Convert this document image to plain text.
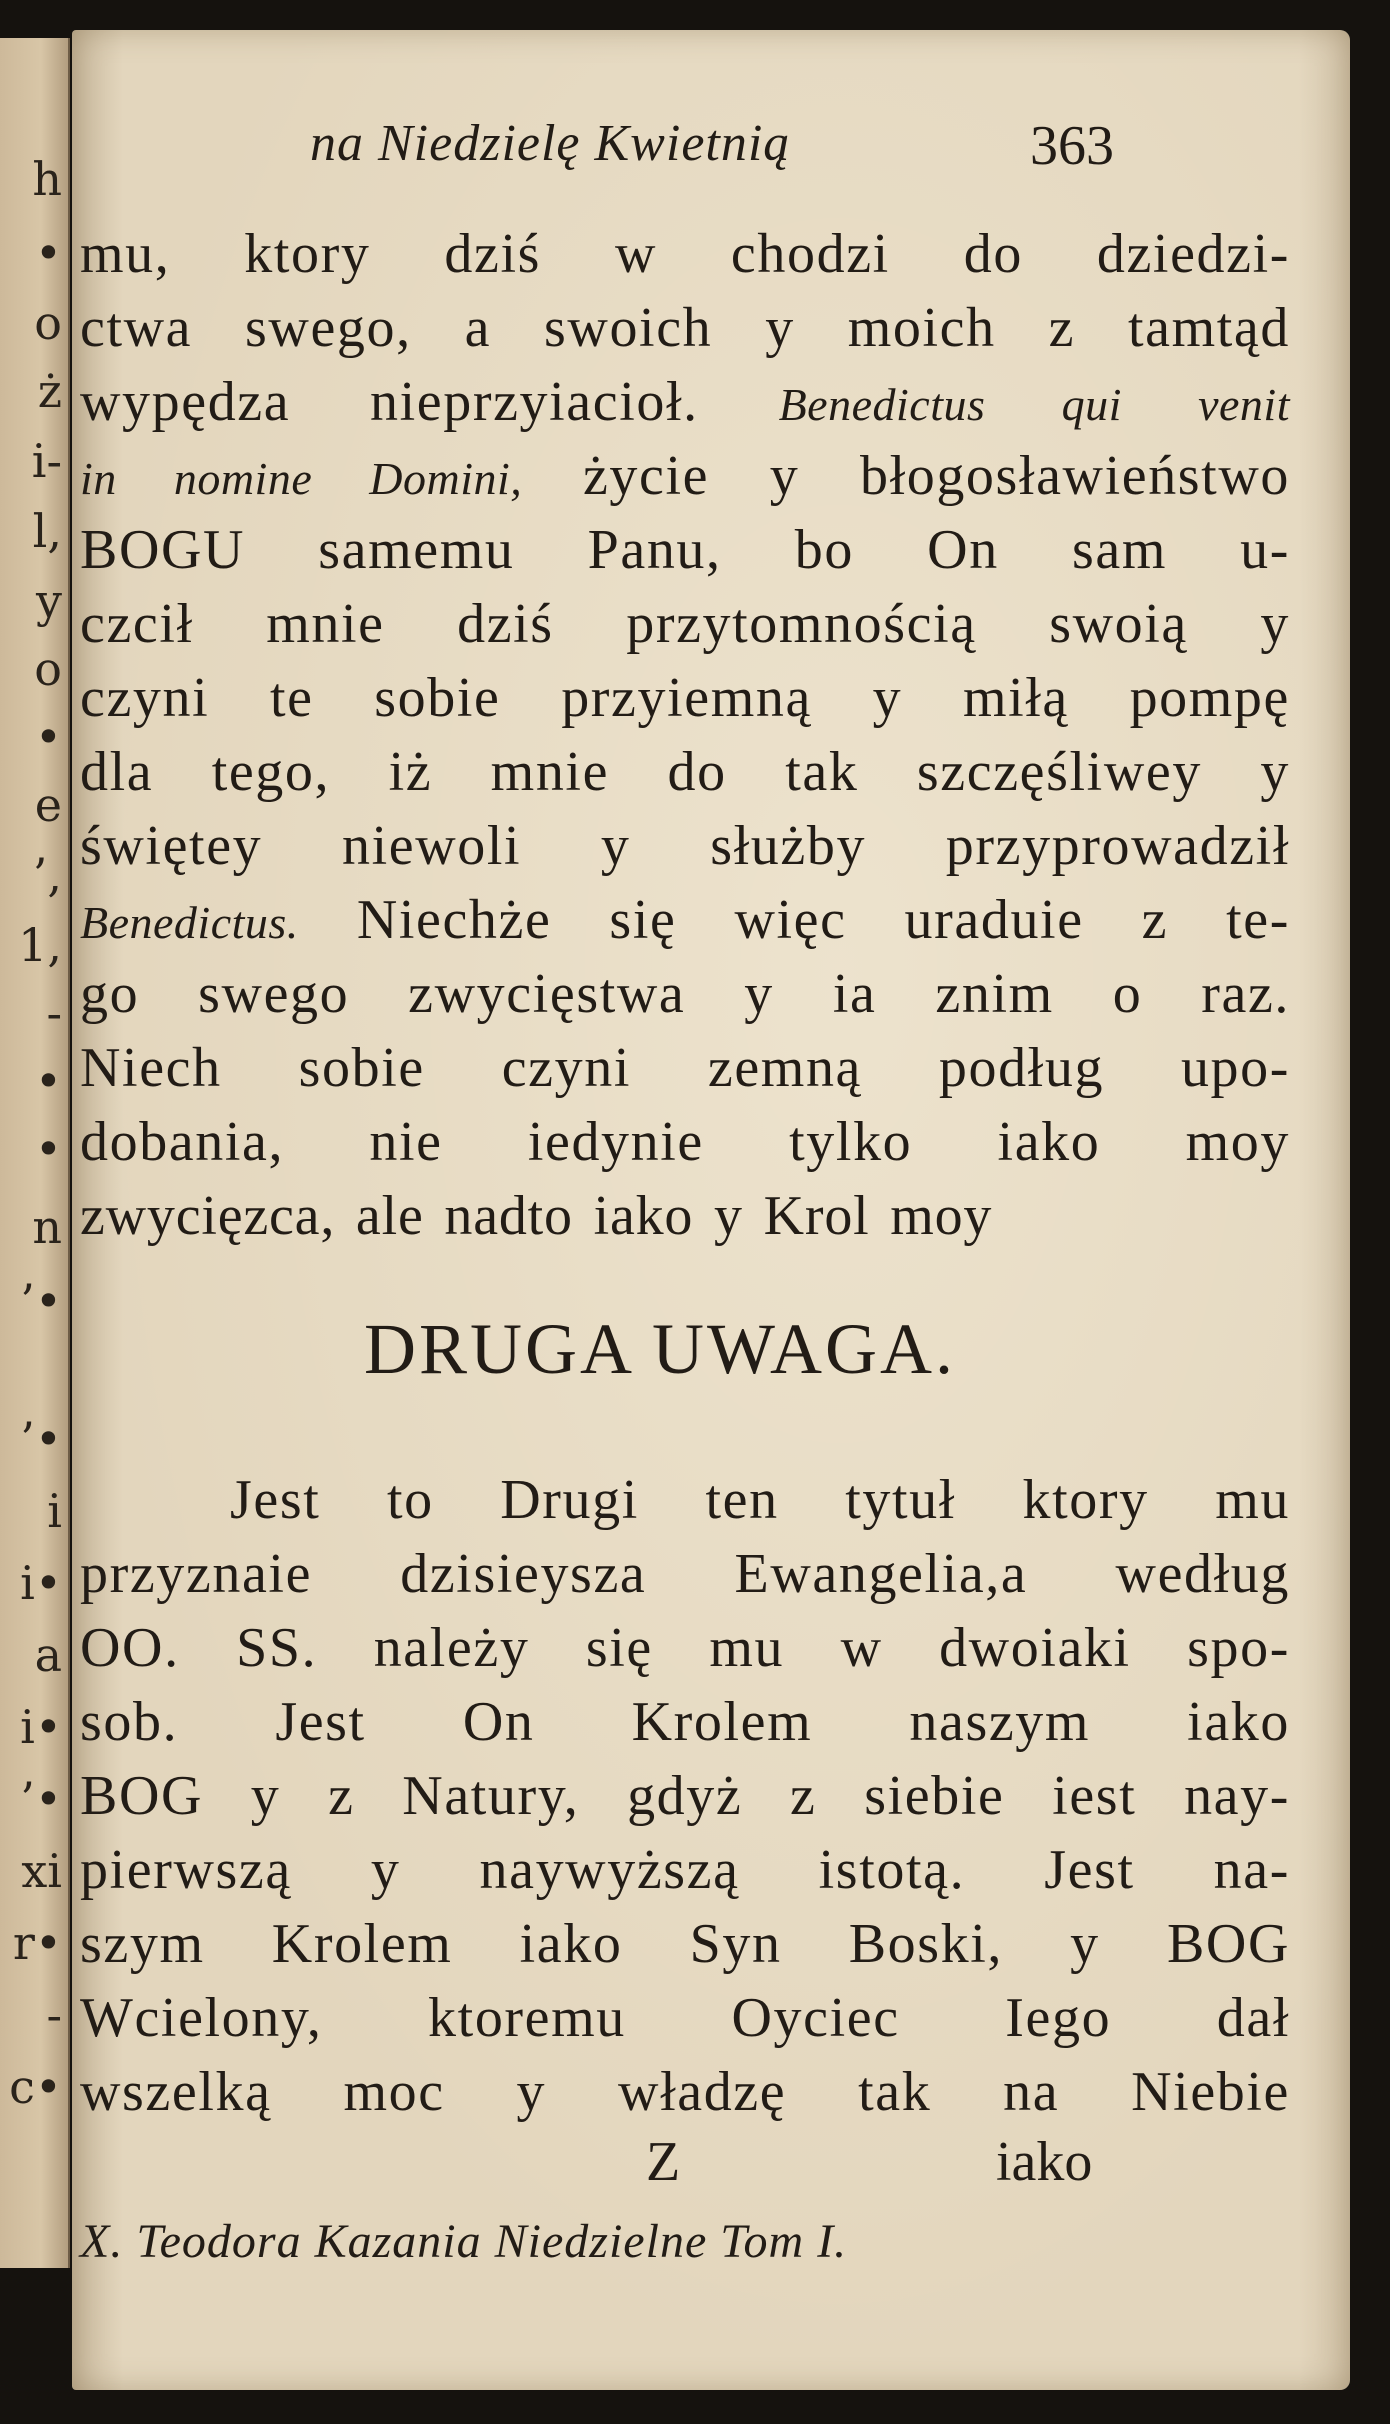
h
•
o
ż
i-
l,
y
o
•
e
’,
1,
-
•
•
n
’•
’•
i
i•
a
i•
’•
xi
r•
-
c•
na Niedzielę Kwietnią	363
mu, ktory dziś w chodzi do dziedzi-
ctwa swego, a swoich y moich z tamtąd
wypędza nieprzyiacioł. Benedictus qui venit
in nomine Domini, życie y błogosławieństwo
BOGU samemu Panu, bo On sam u-
czcił mnie dziś przytomnością swoią y
czyni te sobie przyiemną y miłą pompę
dla tego, iż mnie do tak szczęśliwey y
świętey niewoli y służby przyprowadził
Benedictus. Niechże się więc uraduie z te-
go swego zwycięstwa y ia znim o raz.
Niech sobie czyni zemną podług upo-
dobania, nie iedynie tylko iako moy
zwycięzca, ale nadto iako y Krol moy
DRUGA UWAGA.
Jest to Drugi ten tytuł ktory mu
przyznaie dzisieysza Ewangelia,a według
OO. SS. należy się mu w dwoiaki spo-
sob. Jest On Krolem naszym iako
BOG y z Natury, gdyż z siebie iest nay-
pierwszą y naywyższą istotą. Jest na-
szym Krolem iako Syn Boski, y BOG
Wcielony, ktoremu Oyciec Iego dał
wszelką moc y władzę tak na Niebie
Z	iako
X. Teodora Kazania Niedzielne Tom I.
